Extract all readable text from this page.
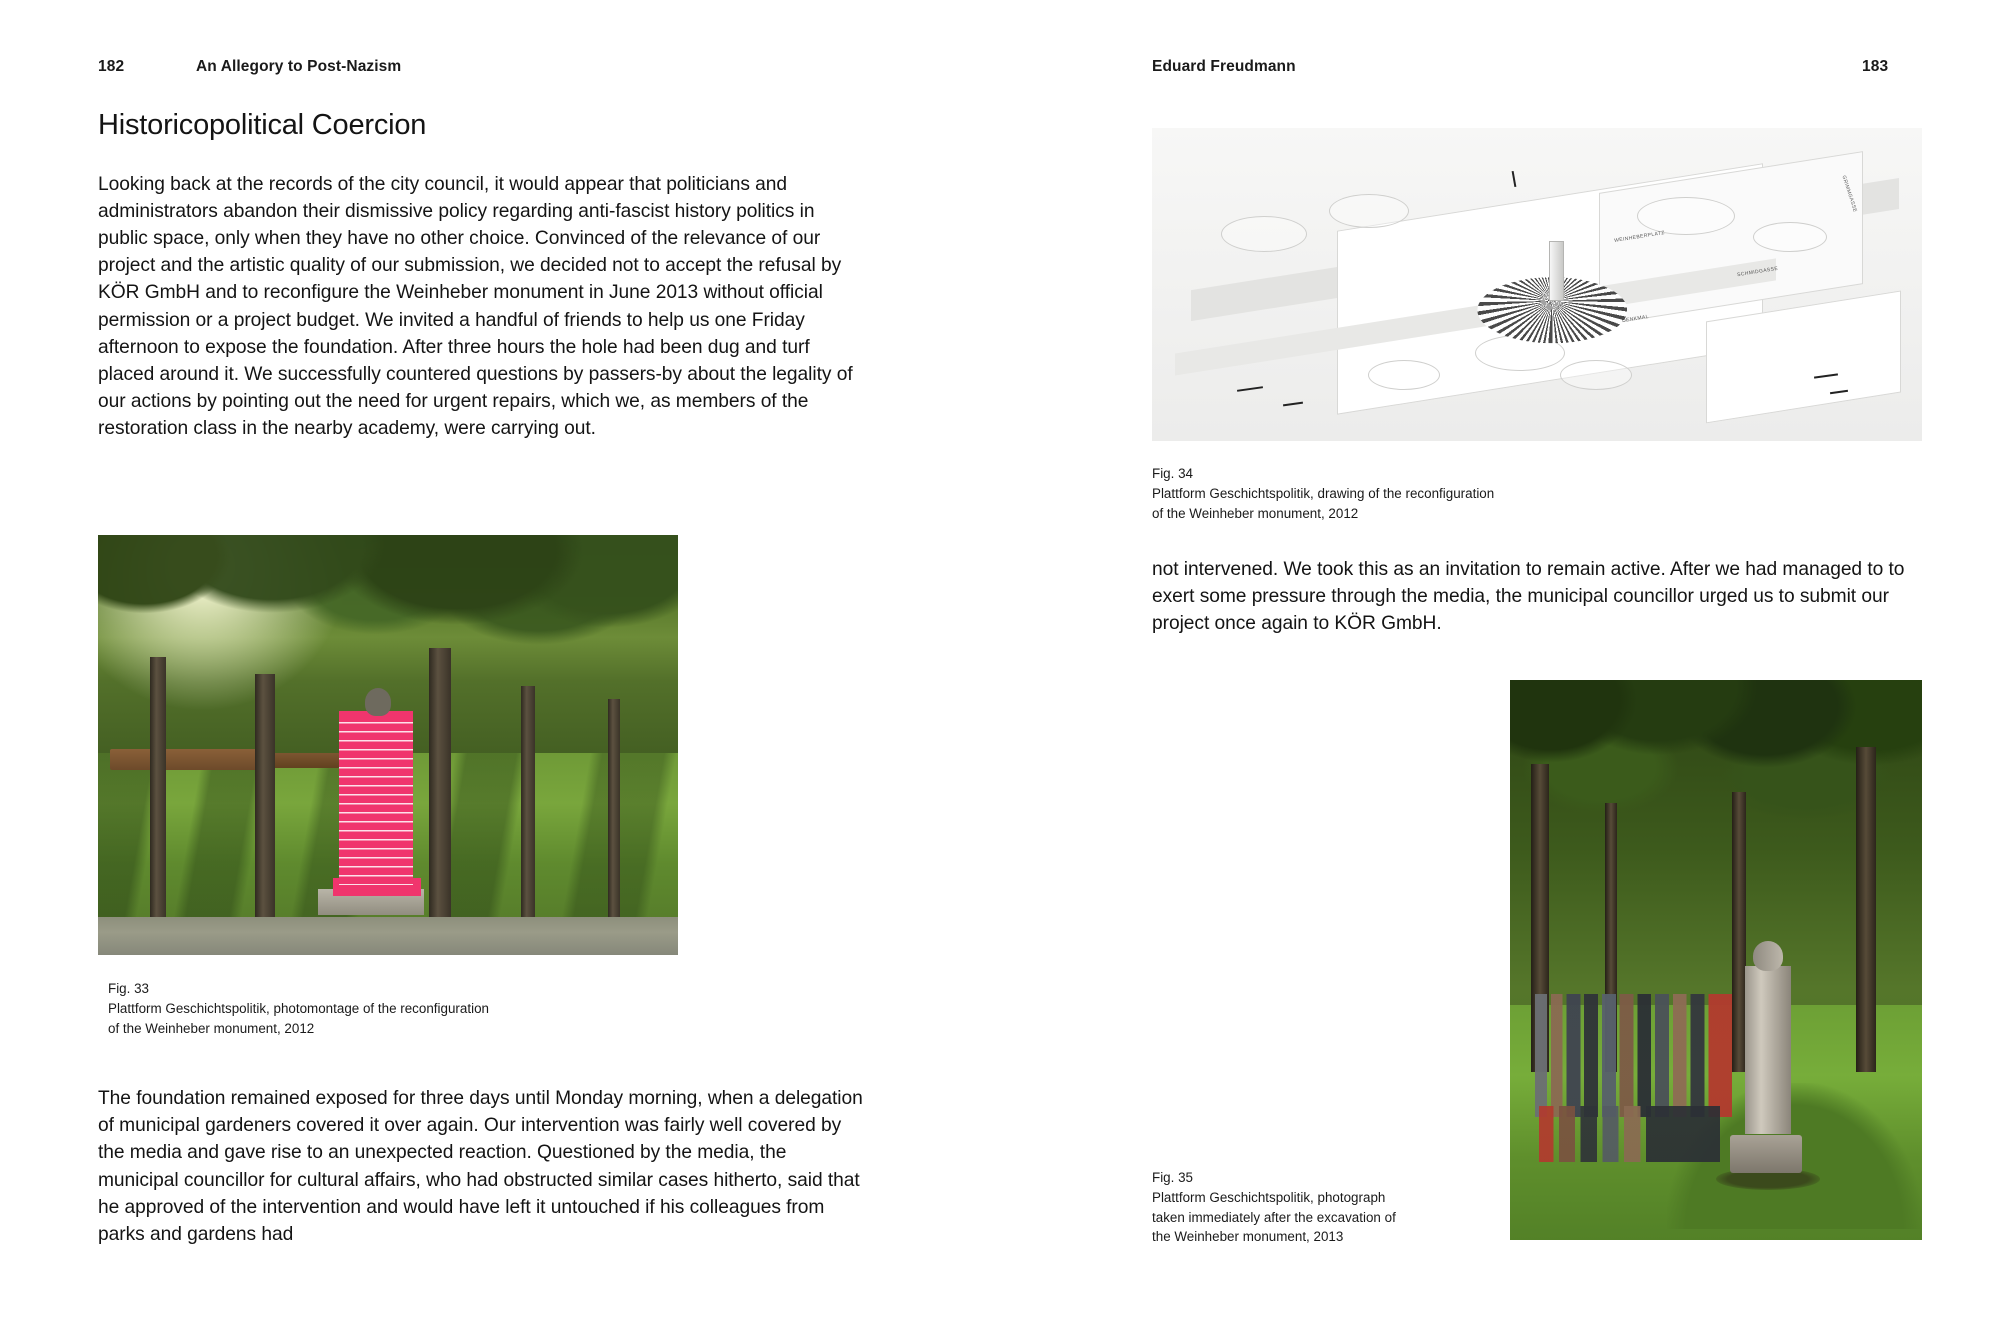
182	An Allegory to Post-Nazism	Eduard Freudmann	183
Historicopolitical Coercion

Looking back at the records of the city council, it would appear that politicians and administrators abandon their dismissive policy regarding anti-fascist history politics in public space, only when they have no other choice. Convinced of the relevance of our project and the artistic quality of our submission, we decided not to accept the refusal by KÖR GmbH and to reconfigure the Weinheber monument in June 2013 without official permission or a project budget. We invited a handful of friends to help us one Friday afternoon to expose the foundation. After three hours the hole had been dug and turf placed around it. We successfully countered questions by passers-by about the legality of our actions by pointing out the need for urgent repairs, which we, as members of the restoration class in the nearby academy, were carrying out.

Fig. 33
Plattform Geschichtspolitik, photomontage of the reconfiguration
of the Weinheber monument, 2012

The foundation remained exposed for three days until Monday morning, when a delegation of municipal gardeners covered it over again. Our intervention was fairly well covered by the media and gave rise to an unexpected reaction. Questioned by the media, the municipal councillor for cultural affairs, who had obstructed similar cases hitherto, said that he approved of the intervention and would have left it untouched if his colleagues from parks and gardens had

WEINHEBERPLATZ
SCHMIDGASSE
GRIMMGASSE
DENKMAL
Fig. 34
Plattform Geschichtspolitik, drawing of the reconfiguration
of the Weinheber monument, 2012

not intervened. We took this as an invitation to remain active. After we had managed to to exert some pressure through the media, the municipal councillor urged us to submit our project once again to KÖR GmbH.

Fig. 35
Plattform Geschichtspolitik, photograph
taken immediately after the excavation of
the Weinheber monument, 2013
